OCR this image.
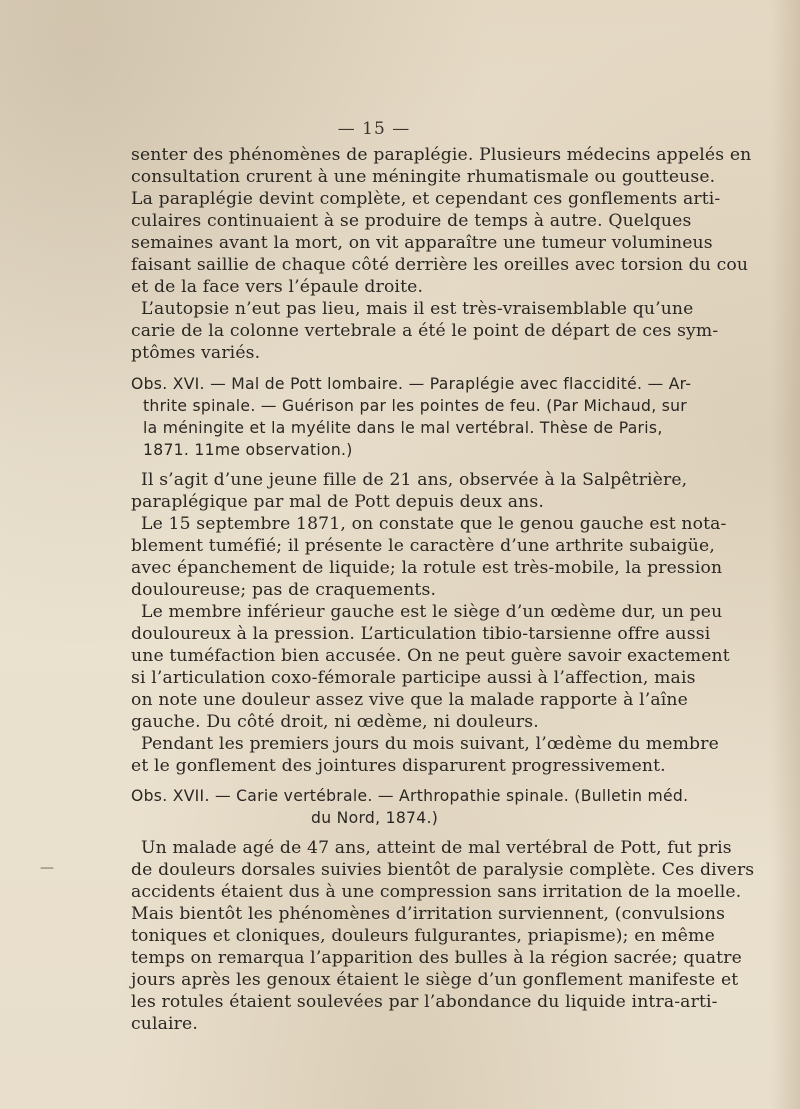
— 15 —
—
senter des phénomènes de paraplégie. Plusieurs médecins appelés en
consultation crurent à une méningite rhumatismale ou goutteuse.
La paraplégie devint complète, et cependant ces gonflements arti-
culaires continuaient à se produire de temps à autre. Quelques
semaines avant la mort, on vit apparaître une tumeur volumineus
faisant saillie de chaque côté derrière les oreilles avec torsion du cou
et de la face vers l’épaule droite.
L’autopsie n’eut pas lieu, mais il est très-vraisemblable qu’une
carie de la colonne vertebrale a été le point de départ de ces sym-
ptômes variés.
Obs. XVI. — Mal de Pott lombaire. — Paraplégie avec flaccidité. — Ar-
thrite spinale. — Guérison par les pointes de feu. (Par Michaud, sur
la méningite et la myélite dans le mal vertébral. Thèse de Paris,
1871. 11me observation.)
Il s’agit d’une jeune fille de 21 ans, observée à la Salpêtrière,
paraplégique par mal de Pott depuis deux ans.
Le 15 septembre 1871, on constate que le genou gauche est nota-
blement tuméfié; il présente le caractère d’une arthrite subaigüe,
avec épanchement de liquide; la rotule est très-mobile, la pression
douloureuse; pas de craquements.
Le membre inférieur gauche est le siège d’un œdème dur, un peu
douloureux à la pression. L’articulation tibio-tarsienne offre aussi
une tuméfaction bien accusée. On ne peut guère savoir exactement
si l’articulation coxo-fémorale participe aussi à l’affection, mais
on note une douleur assez vive que la malade rapporte à l’aîne
gauche. Du côté droit, ni œdème, ni douleurs.
Pendant les premiers jours du mois suivant, l’œdème du membre
et le gonflement des jointures disparurent progressivement.
Obs. XVII. — Carie vertébrale. — Arthropathie spinale. (Bulletin méd.
du Nord, 1874.)
Un malade agé de 47 ans, atteint de mal vertébral de Pott, fut pris
de douleurs dorsales suivies bientôt de paralysie complète. Ces divers
accidents étaient dus à une compression sans irritation de la moelle.
Mais bientôt les phénomènes d’irritation surviennent, (convulsions
toniques et cloniques, douleurs fulgurantes, priapisme); en même
temps on remarqua l’apparition des bulles à la région sacrée; quatre
jours après les genoux étaient le siège d’un gonflement manifeste et
les rotules étaient soulevées par l’abondance du liquide intra-arti-
culaire.
